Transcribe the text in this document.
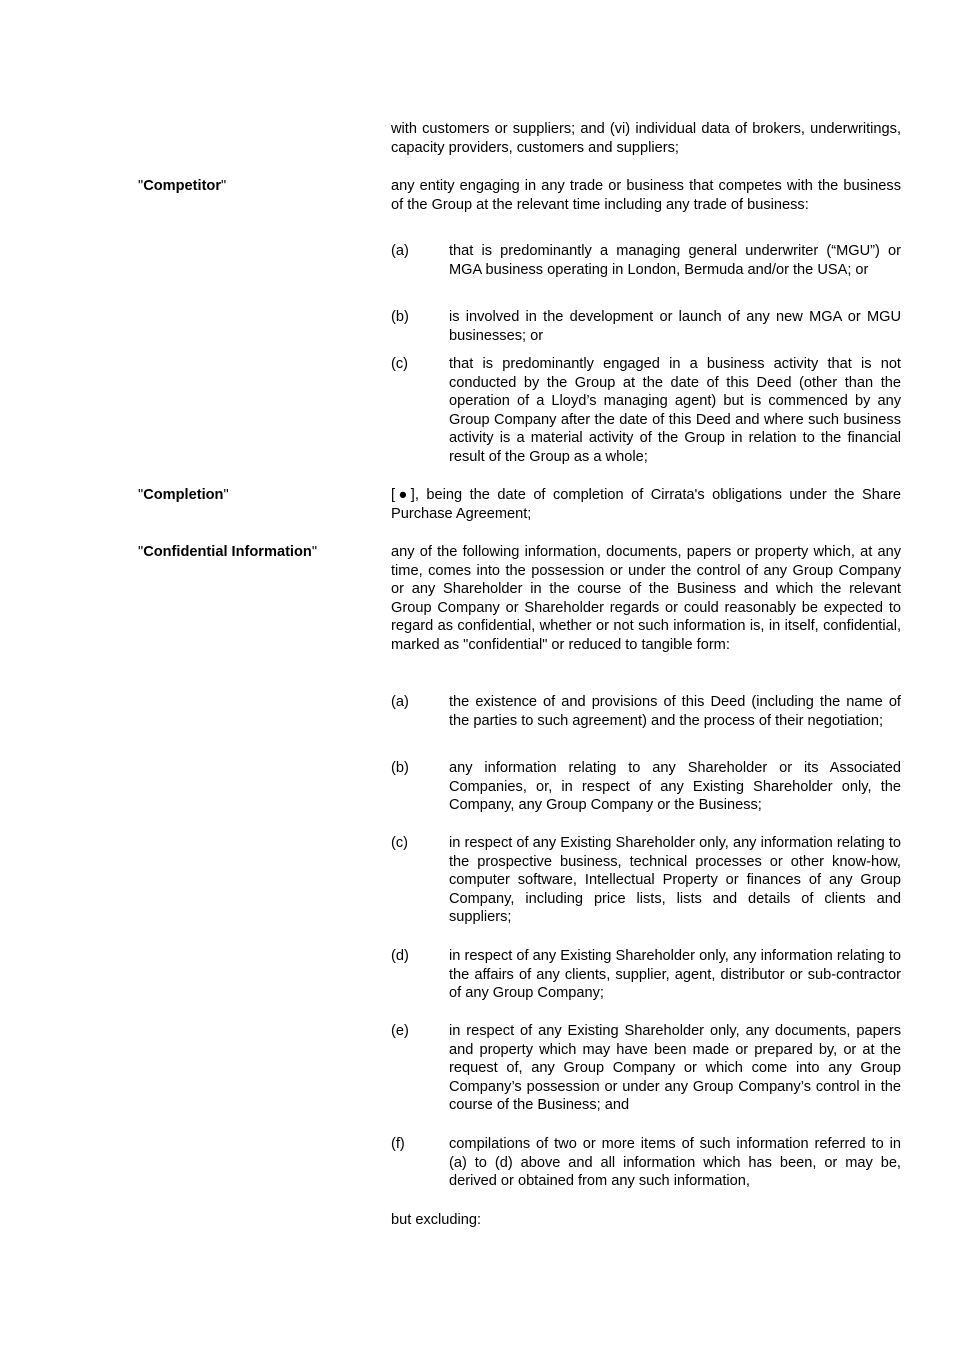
with customers or suppliers; and (vi) individual data of brokers, underwritings, capacity providers, customers and suppliers;
"Competitor"	any entity engaging in any trade or business that competes with the business of the Group at the relevant time including any trade of business:
(a)	that is predominantly a managing general underwriter (“MGU”) or MGA business operating in London, Bermuda and/or the USA; or
(b)	is involved in the development or launch of any new MGA or MGU businesses; or
(c)	that is predominantly engaged in a business activity that is not conducted by the Group at the date of this Deed (other than the operation of a Lloyd’s managing agent) but is commenced by any Group Company after the date of this Deed and where such business activity is a material activity of the Group in relation to the financial result of the Group as a whole;
"Completion"	[●], being the date of completion of Cirrata's obligations under the Share Purchase Agreement;
"Confidential Information"	any of the following information, documents, papers or property which, at any time, comes into the possession or under the control of any Group Company or any Shareholder in the course of the Business and which the relevant Group Company or Shareholder regards or could reasonably be expected to regard as confidential, whether or not such information is, in itself, confidential, marked as "confidential" or reduced to tangible form:
(a)	the existence of and provisions of this Deed (including the name of the parties to such agreement) and the process of their negotiation;
(b)	any information relating to any Shareholder or its Associated Companies, or, in respect of any Existing Shareholder only, the Company, any Group Company or the Business;
(c)	in respect of any Existing Shareholder only, any information relating to the prospective business, technical processes or other know-how, computer software, Intellectual Property or finances of any Group Company, including price lists, lists and details of clients and suppliers;
(d)	in respect of any Existing Shareholder only, any information relating to the affairs of any clients, supplier, agent, distributor or sub-contractor of any Group Company;
(e)	in respect of any Existing Shareholder only, any documents, papers and property which may have been made or prepared by, or at the request of, any Group Company or which come into any Group Company’s possession or under any Group Company’s control in the course of the Business; and
(f)	compilations of two or more items of such information referred to in (a) to (d) above and all information which has been, or may be, derived or obtained from any such information,
but excluding:
